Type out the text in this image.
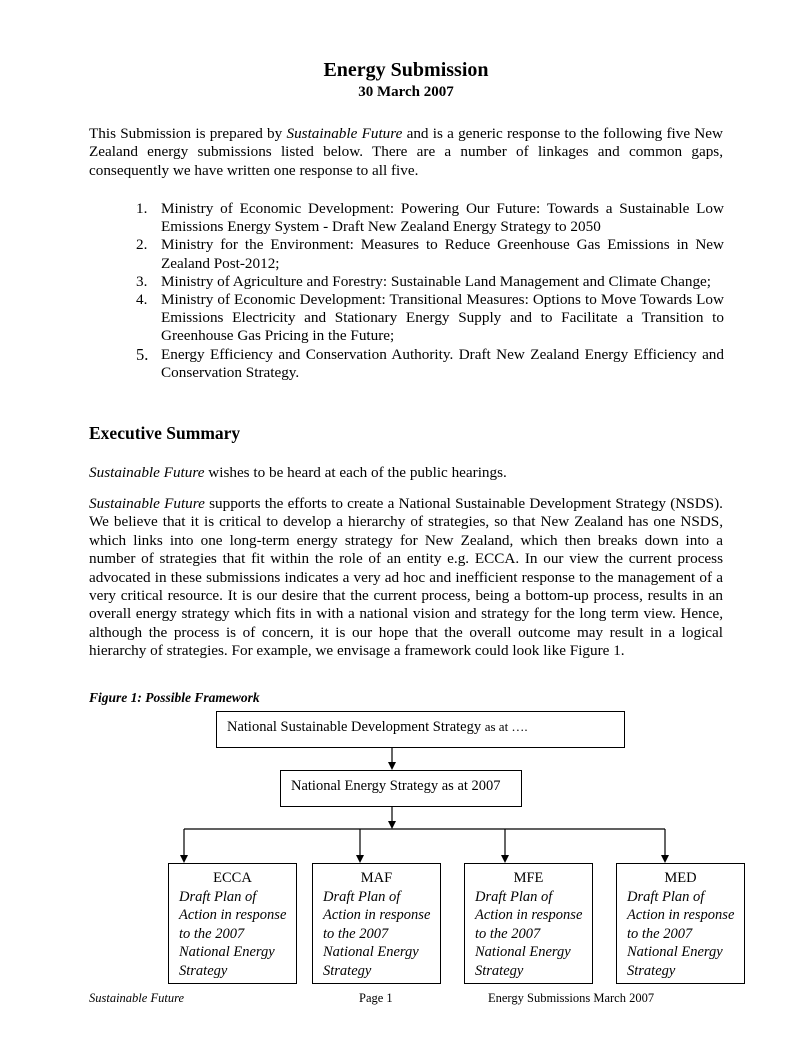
Energy Submission
30 March 2007

This Submission is prepared by Sustainable Future and is a generic response to the following five New Zealand energy submissions listed below. There are a number of linkages and common gaps, consequently we have written one response to all five.

1. Ministry of Economic Development: Powering Our Future: Towards a Sustainable Low Emissions Energy System - Draft New Zealand Energy Strategy to 2050
2. Ministry for the Environment: Measures to Reduce Greenhouse Gas Emissions in New Zealand Post-2012;
3. Ministry of Agriculture and Forestry: Sustainable Land Management and Climate Change;
4. Ministry of Economic Development: Transitional Measures: Options to Move Towards Low Emissions Electricity and Stationary Energy Supply and to Facilitate a Transition to Greenhouse Gas Pricing in the Future;
5. Energy Efficiency and Conservation Authority. Draft New Zealand Energy Efficiency and Conservation Strategy.
Executive Summary

Sustainable Future wishes to be heard at each of the public hearings.

Sustainable Future supports the efforts to create a National Sustainable Development Strategy (NSDS). We believe that it is critical to develop a hierarchy of strategies, so that New Zealand has one NSDS, which links into one long-term energy strategy for New Zealand, which then breaks down into a number of strategies that fit within the role of an entity e.g. ECCA. In our view the current process advocated in these submissions indicates a very ad hoc and inefficient response to the management of a very critical resource. It is our desire that the current process, being a bottom-up process, results in an overall energy strategy which fits in with a national vision and strategy for the long term view. Hence, although the process is of concern, it is our hope that the overall outcome may result in a logical hierarchy of strategies. For example, we envisage a framework could look like Figure 1.

Figure 1: Possible Framework
National Sustainable Development Strategy as at ….
National Energy Strategy as at 2007
ECCA
Draft Plan of Action in response to the 2007 National Energy Strategy
MAF
Draft Plan of Action in response to the 2007 National Energy Strategy
MFE
Draft Plan of Action in response to the 2007 National Energy Strategy
MED
Draft Plan of Action in response to the 2007 National Energy Strategy
Sustainable Future	Page 1	Energy Submissions March 2007
